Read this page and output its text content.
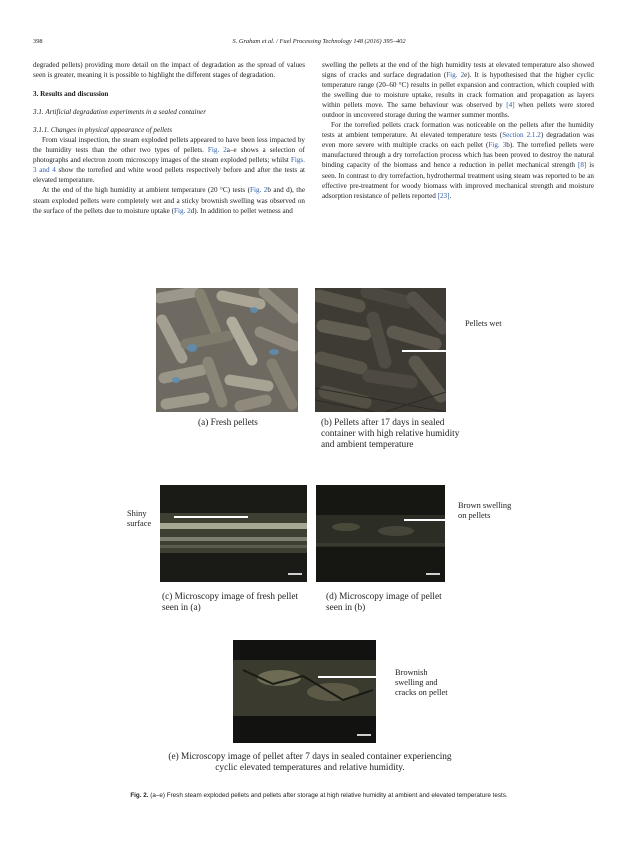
398	S. Graham et al. / Fuel Processing Technology 148 (2016) 395–402

degraded pellets) providing more detail on the impact of degradation as the spread of values seen is greater, meaning it is possible to highlight the different stages of degradation.

3. Results and discussion

3.1. Artificial degradation experiments in a sealed container

3.1.1. Changes in physical appearance of pellets

From visual inspection, the steam exploded pellets appeared to have been less impacted by the humidity tests than the other two types of pellets. Fig. 2a–e shows a selection of photographs and electron zoom microscopy images of the steam exploded pellets; whilst Figs. 3 and 4 show the torrefied and white wood pellets respectively before and after the tests at elevated temperature.

At the end of the high humidity at ambient temperature (20 °C) tests (Fig. 2b and d), the steam exploded pellets were completely wet and a sticky brownish swelling was observed on the surface of the pellets due to moisture uptake (Fig. 2d). In addition to pellet wetness and

swelling the pellets at the end of the high humidity tests at elevated temperature also showed signs of cracks and surface degradation (Fig. 2e). It is hypothesised that the higher cyclic temperature range (20–60 °C) results in pellet expansion and contraction, which coupled with the swelling due to moisture uptake, results in crack formation and propagation as layers within pellets move. The same behaviour was observed by [4] when pellets were stored outdoor in uncovered storage during the warmer summer months.

For the torrefied pellets crack formation was noticeable on the pellets after the humidity tests at ambient temperature. At elevated temperature tests (Section 2.1.2) degradation was even more severe with multiple cracks on each pellet (Fig. 3b). The torrefied pellets were manufactured through a dry torrefaction process which has been proved to destroy the natural binding capacity of the biomass and hence a reduction in pellet mechanical strength [8] is seen. In contrast to dry torrefaction, hydrothermal treatment using steam was reported to be an effective pre-treatment for woody biomass with improved mechanical strength and moisture adsorption resistance of pellets reported [23].

(a) Fresh pellets
Pellets wet
(b) Pellets after 17 days in sealed container with high relative humidity and ambient temperature
Shiny surface
(c) Microscopy image of fresh pellet seen in (a)
Brown swelling on pellets
(d) Microscopy image of pellet seen in (b)
Brownish swelling and cracks on pellet
(e) Microscopy image of pellet after 7 days in sealed container experiencing cyclic elevated temperatures and relative humidity.
Fig. 2. (a–e) Fresh steam exploded pellets and pellets after storage at high relative humidity at ambient and elevated temperature tests.
